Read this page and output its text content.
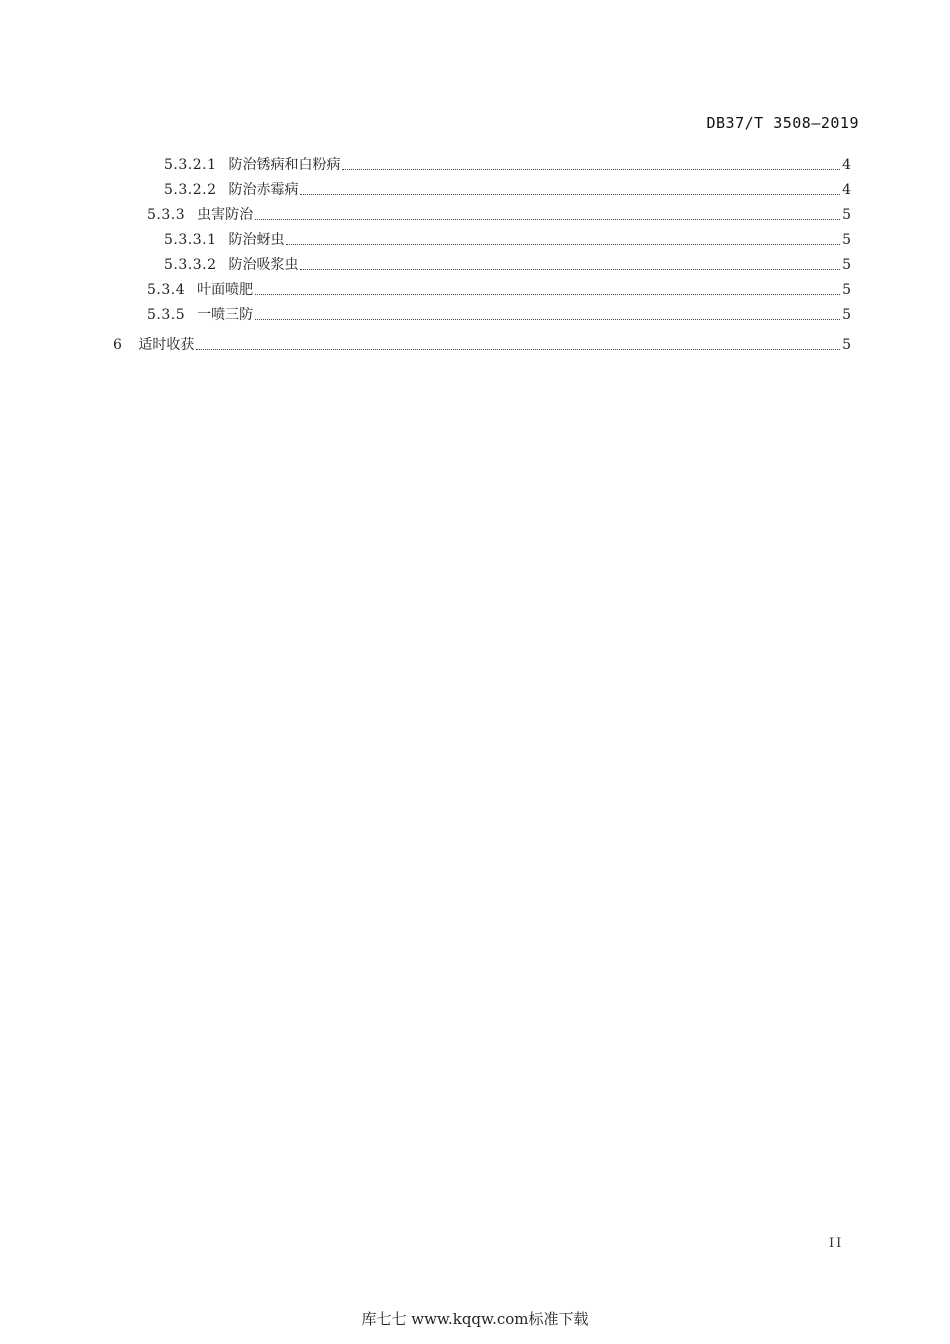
DB37/T 3508—2019
5.3.2.1 防治锈病和白粉病	4
5.3.2.2 防治赤霉病	4
5.3.3 虫害防治	5
5.3.3.1 防治蚜虫	5
5.3.3.2 防治吸浆虫	5
5.3.4 叶面喷肥	5
5.3.5 一喷三防	5
6 适时收获	5
II
库七七 www.kqqw.com标准下载
